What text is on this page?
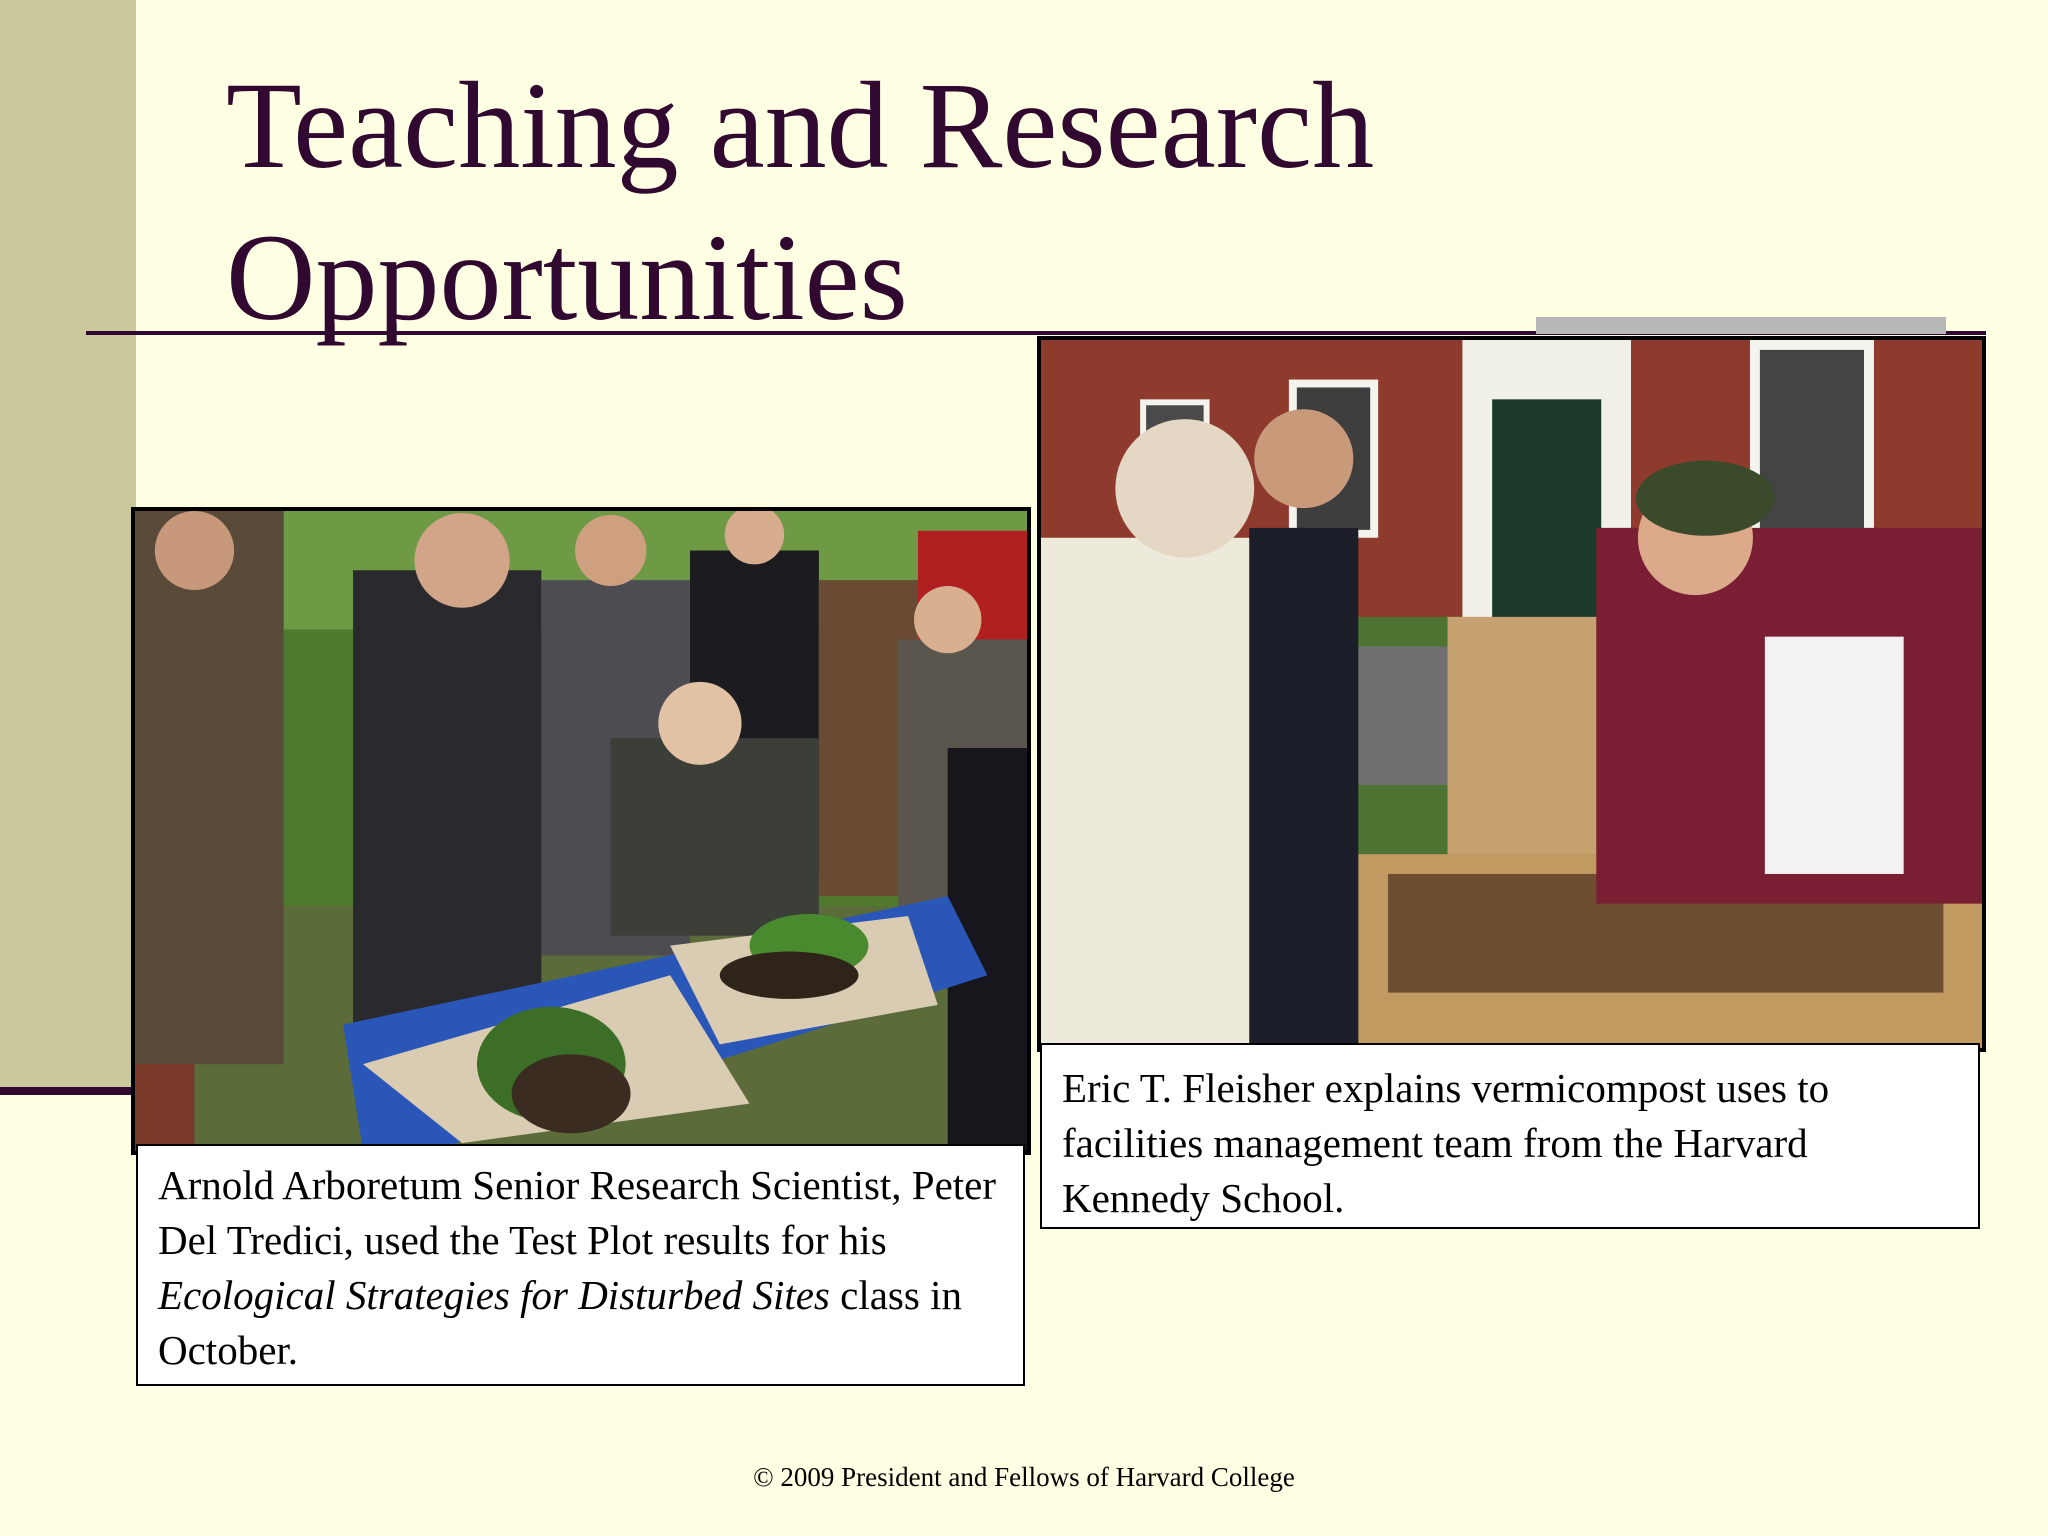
Teaching and Research
Opportunities
Arnold Arboretum Senior Research Scientist, Peter Del Tredici, used the Test Plot results for his Ecological Strategies for Disturbed Sites class in October.
Eric T. Fleisher explains vermicompost uses to facilities management team from the Harvard Kennedy School.
© 2009 President and Fellows of Harvard College
